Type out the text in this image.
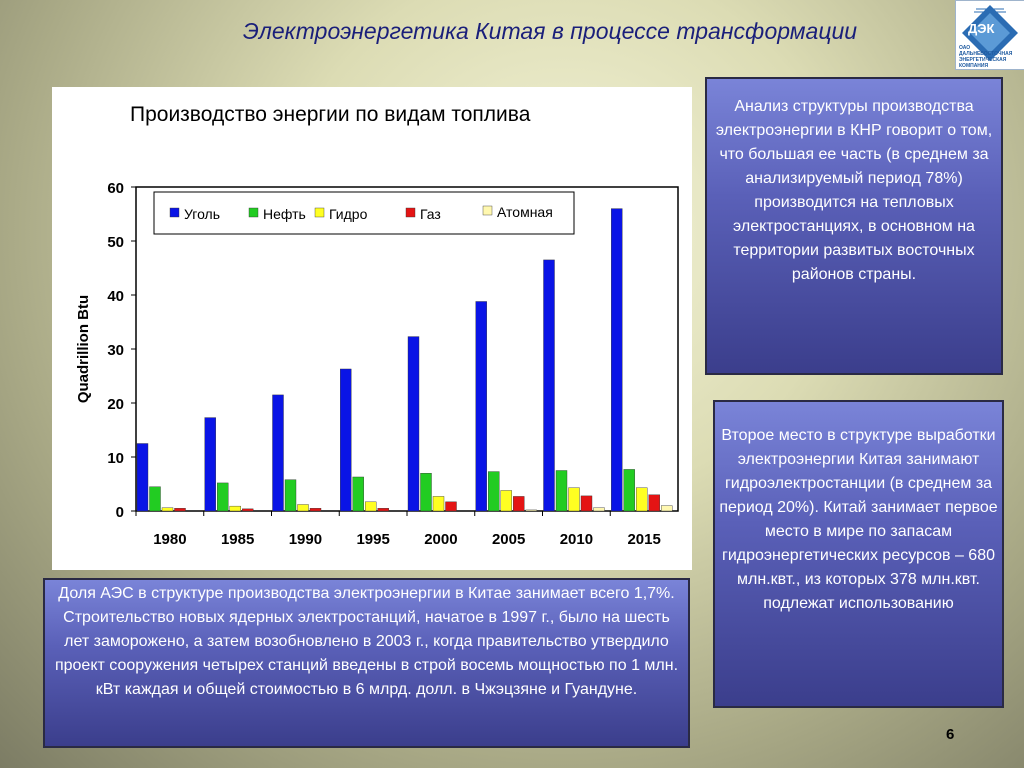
Электроэнергетика Китая в процессе трансформации	ДЭК
ОАО ДАЛЬНЕВОСТОЧНАЯ ЭНЕРГЕТИЧЕСКАЯ КОМПАНИЯ
Производство энергии по видам топлива
0
10
20
30
40
50
60
Quadrillion Btu
1980 1985 1990 1995 2000 2005 2010 2015
Уголь	Нефть Гидро	Газ	Атомная
Анализ структуры производства электроэнергии в КНР говорит о том, что большая ее часть (в среднем за анализируемый период 78%) производится на тепловых электростанциях, в основном на территории развитых восточных районов страны.
Второе место в структуре выработки электроэнергии Китая занимают гидроэлектростанции (в среднем за период 20%). Китай занимает первое место в мире по запасам гидроэнергетических ресурсов – 680 млн.квт., из которых 378 млн.квт. подлежат использованию
Доля АЭС в структуре производства электроэнергии в Китае занимает всего 1,7%. Строительство новых ядерных электростанций, начатое в 1997 г., было на шесть лет заморожено, а затем возобновлено в 2003 г., когда правительство утвердило проект сооружения четырех станций введены в строй восемь мощностью по 1 млн. кВт каждая и общей стоимостью в 6 млрд. долл. в Чжэцзяне и Гуандуне.
6
